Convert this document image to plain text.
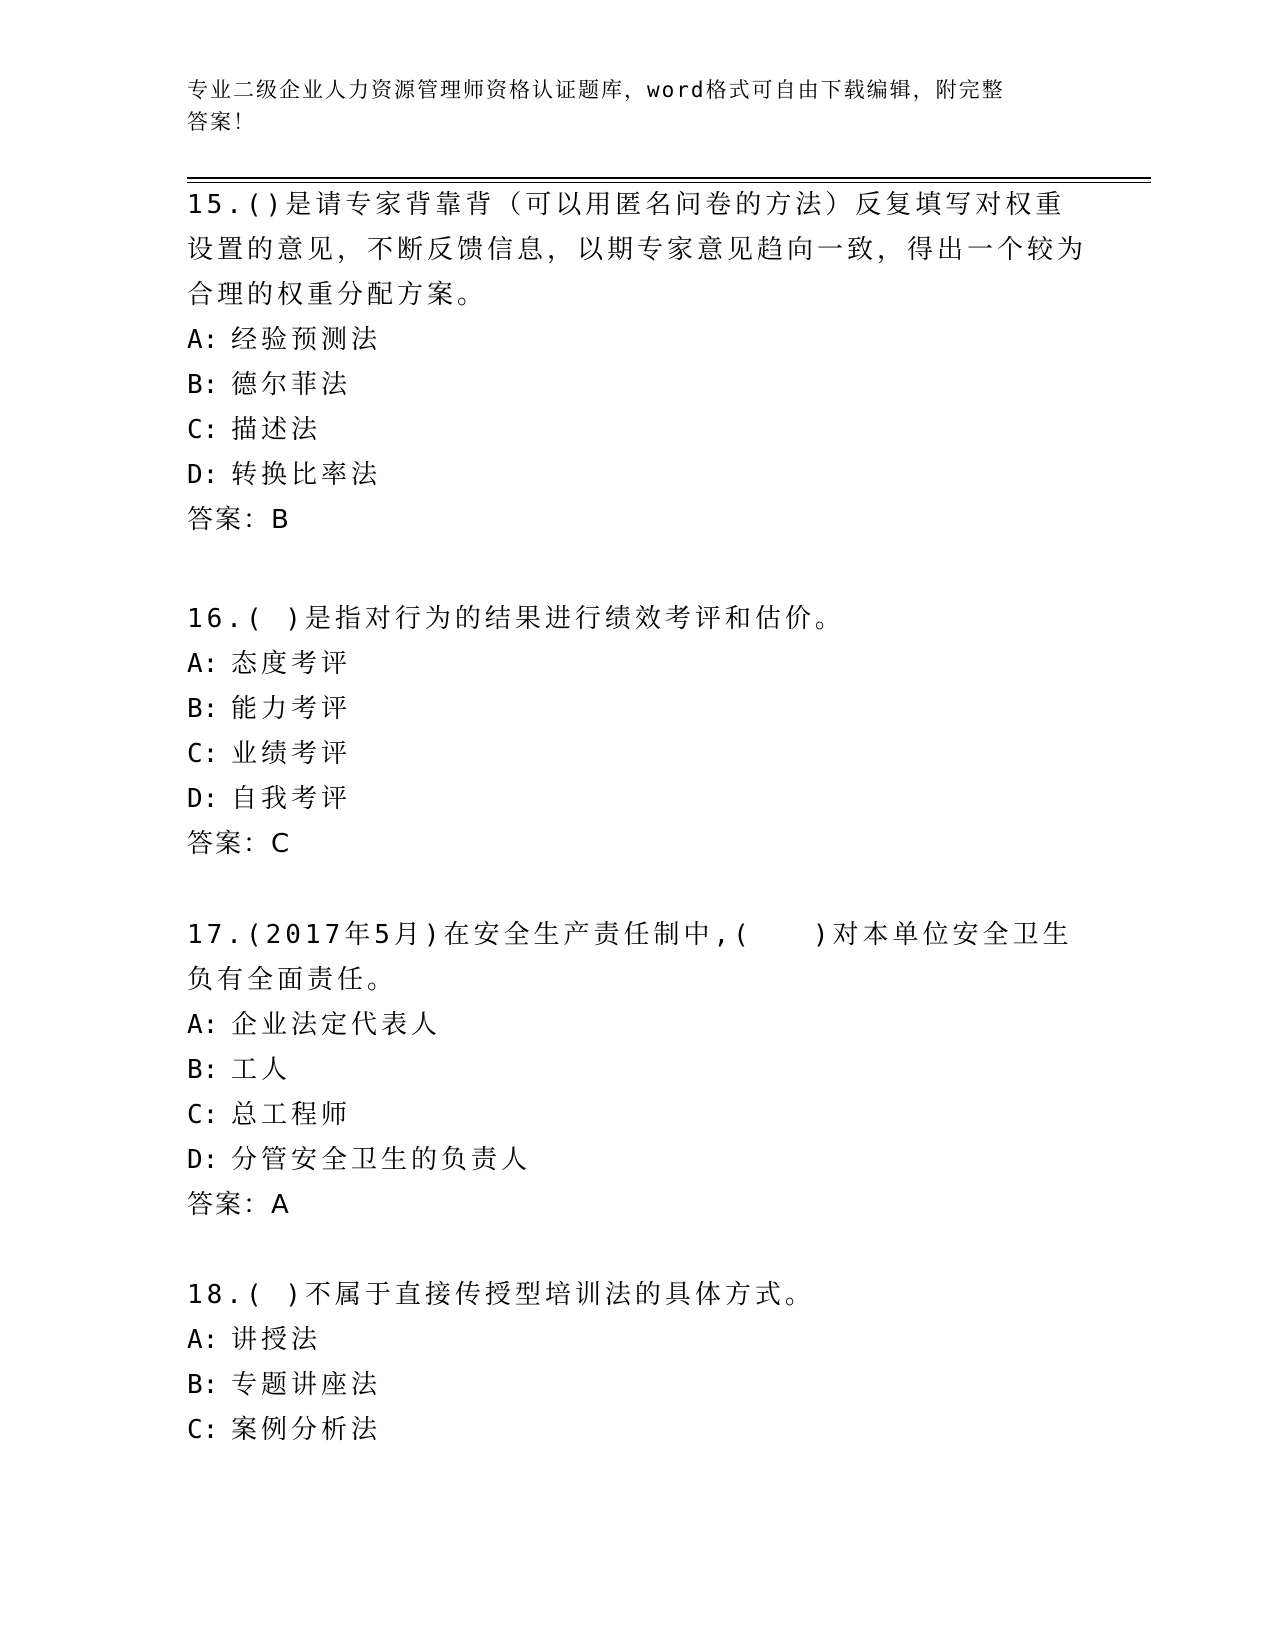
专业二级企业人力资源管理师资格认证题库，word格式可自由下载编辑，附完整
答案！
15.()是请专家背靠背（可以用匿名问卷的方法）反复填写对权重设置的意见，不断反馈信息，以期专家意见趋向一致，得出一个较为合理的权重分配方案。
A: 经验预测法
B: 德尔菲法
C: 描述法
D: 转换比率法
答案：B
16.( )是指对行为的结果进行绩效考评和估价。
A: 态度考评
B: 能力考评
C: 业绩考评
D: 自我考评
答案：C
17.(2017年5月)在安全生产责任制中,(　　)对本单位安全卫生负有全面责任。
A: 企业法定代表人
B: 工人
C: 总工程师
D: 分管安全卫生的负责人
答案：A
18.( )不属于直接传授型培训法的具体方式。
A: 讲授法
B: 专题讲座法
C: 案例分析法
